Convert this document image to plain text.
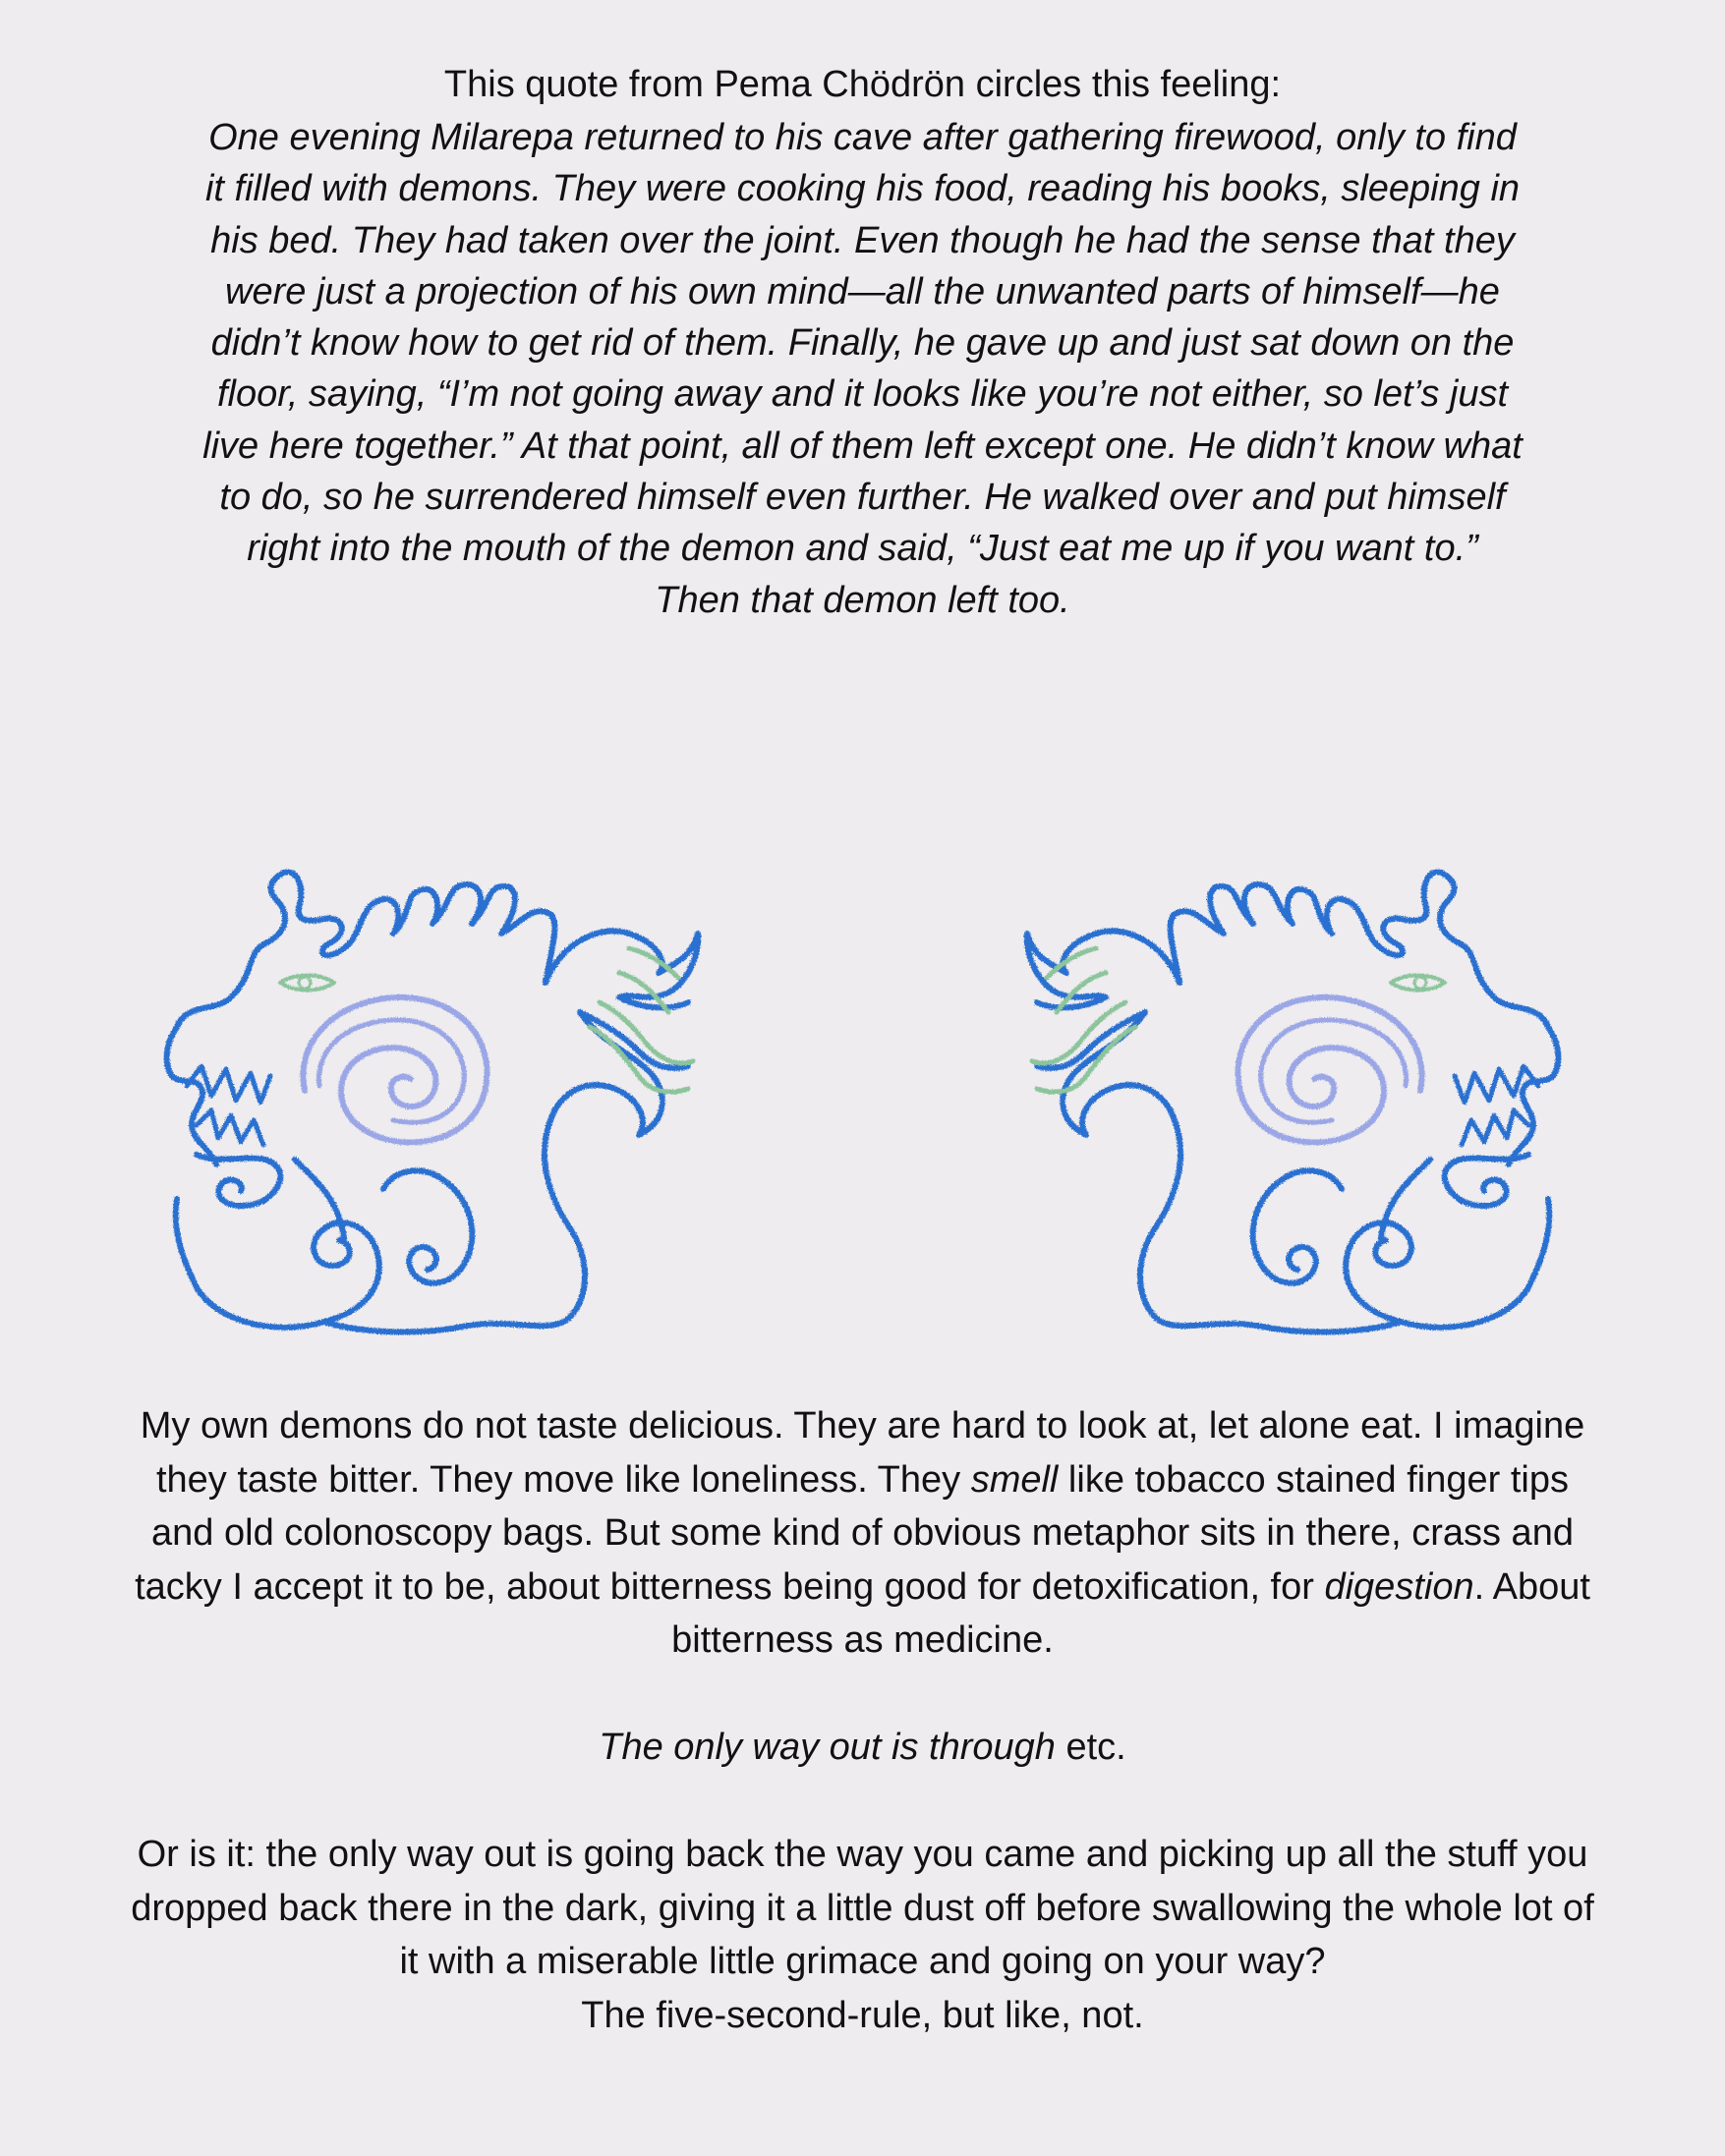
This quote from Pema Chödrön circles this feeling:

One evening Milarepa returned to his cave after gathering firewood, only to find it filled with demons. They were cooking his food, reading his books, sleeping in his bed. They had taken over the joint. Even though he had the sense that they were just a projection of his own mind—all the unwanted parts of himself—he didn’t know how to get rid of them. Finally, he gave up and just sat down on the floor, saying, “I’m not going away and it looks like you’re not either, so let’s just live here together.” At that point, all of them left except one. He didn’t know what to do, so he surrendered himself even further. He walked over and put himself right into the mouth of the demon and said, “Just eat me up if you want to.”

Then that demon left too.

My own demons do not taste delicious. They are hard to look at, let alone eat. I imagine they taste bitter. They move like loneliness. They smell like tobacco stained finger tips and old colonoscopy bags. But some kind of obvious metaphor sits in there, crass and tacky I accept it to be, about bitterness being good for detoxification, for digestion. About bitterness as medicine.

The only way out is through etc.

Or is it: the only way out is going back the way you came and picking up all the stuff you dropped back there in the dark, giving it a little dust off before swallowing the whole lot of it with a miserable little grimace and going on your way?

The five-second-rule, but like, not.
